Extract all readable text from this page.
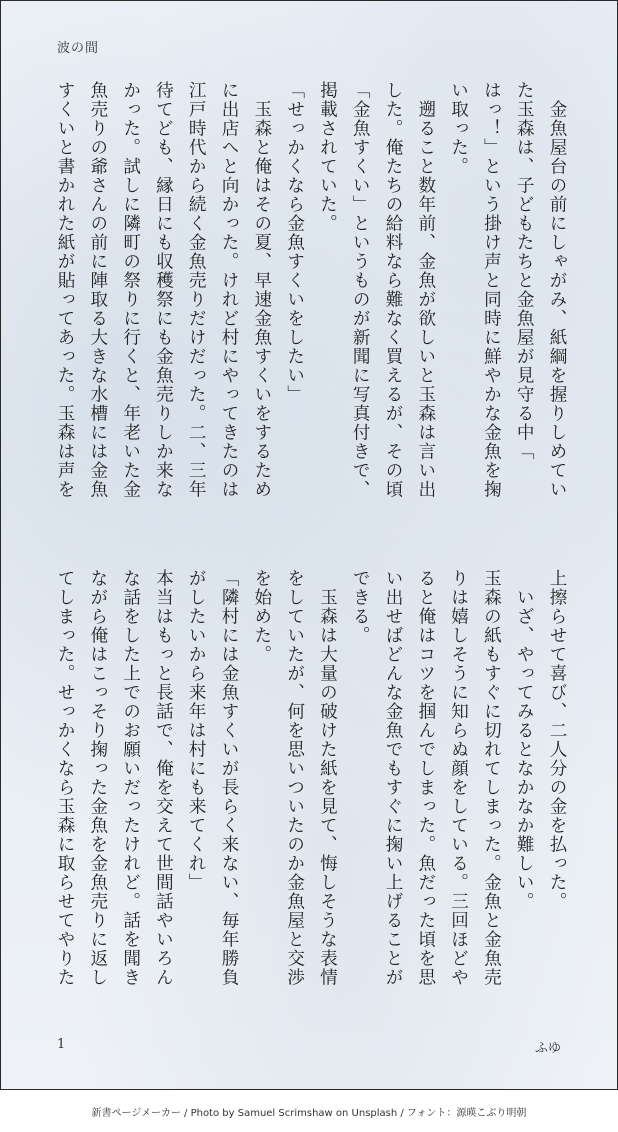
波の間
　金魚屋台の前にしゃがみ、紙綱を握りしめてい
た玉森は、子どもたちと金魚屋が見守る中「
はっ！」という掛け声と同時に鮮やかな金魚を掬
い取った。
　遡ること数年前、金魚が欲しいと玉森は言い出
した。俺たちの給料なら難なく買えるが、その頃
「金魚すくい」というものが新聞に写真付きで、
掲載されていた。
「せっかくなら金魚すくいをしたい」
　玉森と俺はその夏、早速金魚すくいをするため
に出店へと向かった。けれど村にやってきたのは
江戸時代から続く金魚売りだけだった。二、三年
待てども、縁日にも収穫祭にも金魚売りしか来な
かった。試しに隣町の祭りに行くと、年老いた金
魚売りの爺さんの前に陣取る大きな水槽には金魚
すくいと書かれた紙が貼ってあった。玉森は声を
上擦らせて喜び、二人分の金を払った。
　いざ、やってみるとなかなか難しい。
玉森の紙もすぐに切れてしまった。金魚と金魚売
りは嬉しそうに知らぬ顔をしている。三回ほどや
ると俺はコツを掴んでしまった。魚だった頃を思
い出せばどんな金魚でもすぐに掬い上げることが
できる。
　玉森は大量の破けた紙を見て、悔しそうな表情
をしていたが、何を思いついたのか金魚屋と交渉
を始めた。
「隣村には金魚すくいが長らく来ない、毎年勝負
がしたいから来年は村にも来てくれ」
本当はもっと長話で、俺を交えて世間話やいろん
な話をした上でのお願いだったけれど。話を聞き
ながら俺はこっそり掬った金魚を金魚売りに返し
てしまった。せっかくなら玉森に取らせてやりた
1	ふゆ
新書ページメーカー / Photo by Samuel Scrimshaw on Unsplash / フォント：源暎こぶり明朝
